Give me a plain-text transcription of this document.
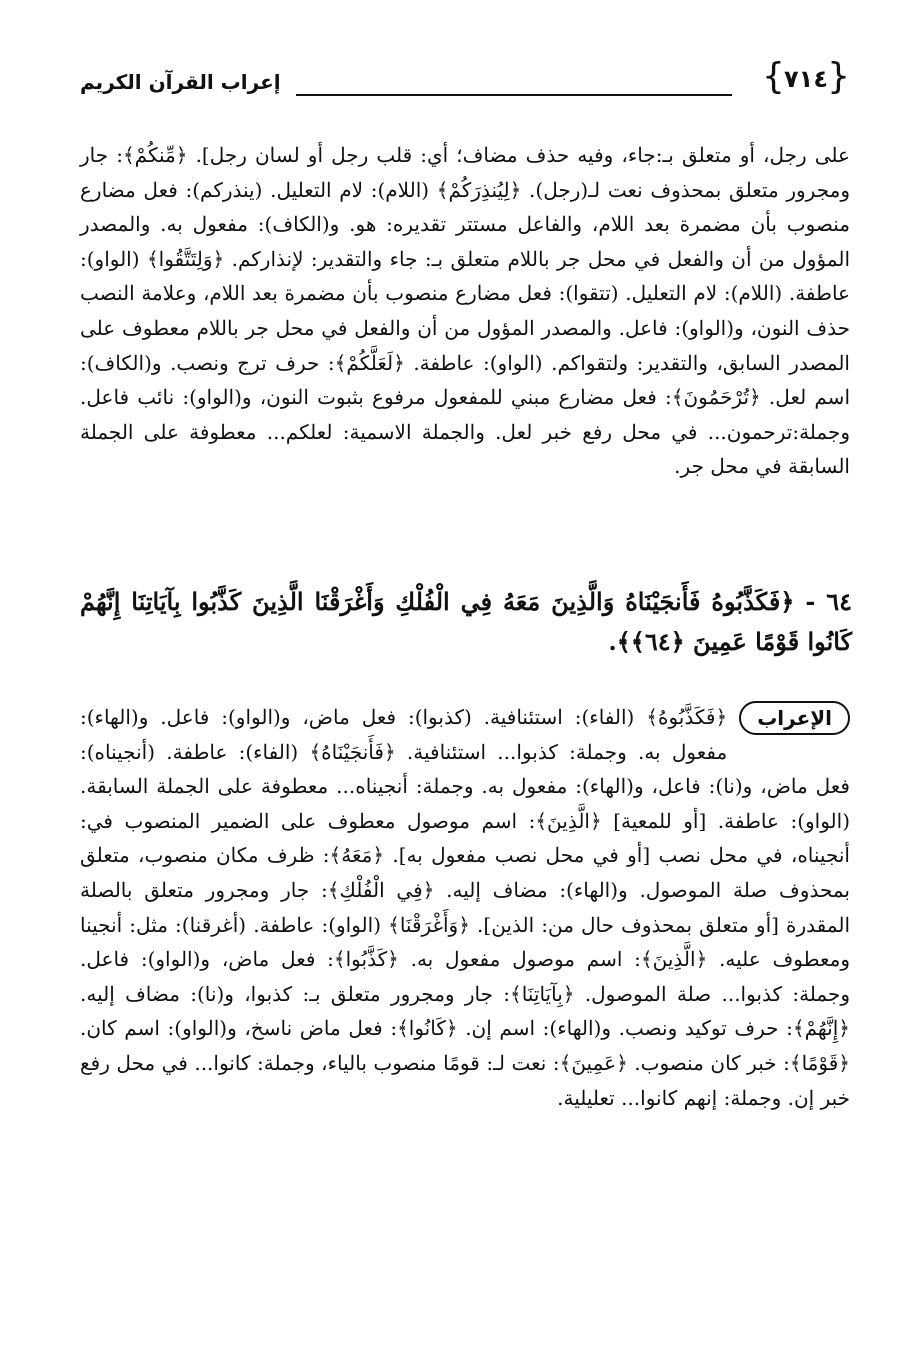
{
٧١٤
}
إعراب القرآن الكريم
على رجل، أو متعلق بـ:جاء، وفيه حذف مضاف؛ أي: قلب رجل أو لسان رجل]. ﴿مِّنكُمْ﴾: جار ومجرور متعلق بمحذوف نعت لـ(رجل). ﴿لِيُنذِرَكُمْ﴾ (اللام): لام التعليل. (ينذركم): فعل مضارع منصوب بأن مضمرة بعد اللام، والفاعل مستتر تقديره: هو. و(الكاف): مفعول به. والمصدر المؤول من أن والفعل في محل جر باللام متعلق بـ: جاء والتقدير: لإنذاركم. ﴿وَلِتَتَّقُوا﴾ (الواو): عاطفة. (اللام): لام التعليل. (تتقوا): فعل مضارع منصوب بأن مضمرة بعد اللام، وعلامة النصب حذف النون، و(الواو): فاعل. والمصدر المؤول من أن والفعل في محل جر باللام معطوف على المصدر السابق، والتقدير: ولتقواكم. (الواو): عاطفة. ﴿لَعَلَّكُمْ﴾: حرف ترج ونصب. و(الكاف): اسم لعل. ﴿تُرْحَمُونَ﴾: فعل مضارع مبني للمفعول مرفوع بثبوت النون، و(الواو): نائب فاعل. وجملة:ترحمون... في محل رفع خبر لعل. والجملة الاسمية: لعلكم... معطوفة على الجملة السابقة في محل جر.
٦٤ - ﴿فَكَذَّبُوهُ فَأَنجَيْنَاهُ وَالَّذِينَ مَعَهُ فِي الْفُلْكِ وَأَغْرَقْنَا الَّذِينَ كَذَّبُوا بِآيَاتِنَا إِنَّهُمْ كَانُوا قَوْمًا عَمِينَ ﴿٦٤﴾﴾.
الإعراب
﴿فَكَذَّبُوهُ﴾ (الفاء): استئنافية. (كذبوا): فعل ماض، و(الواو): فاعل. و(الهاء): مفعول به. وجملة: كذبوا... استئنافية. ﴿فَأَنجَيْنَاهُ﴾ (الفاء): عاطفة. (أنجيناه): فعل ماض، و(نا): فاعل، و(الهاء): مفعول به. وجملة: أنجيناه... معطوفة على الجملة السابقة. (الواو): عاطفة. [أو للمعية] ﴿الَّذِينَ﴾: اسم موصول معطوف على الضمير المنصوب في: أنجيناه، في محل نصب [أو في محل نصب مفعول به]. ﴿مَعَهُ﴾: ظرف مكان منصوب، متعلق بمحذوف صلة الموصول. و(الهاء): مضاف إليه. ﴿فِي الْفُلْكِ﴾: جار ومجرور متعلق بالصلة المقدرة [أو متعلق بمحذوف حال من: الذين]. ﴿وَأَغْرَقْنَا﴾ (الواو): عاطفة. (أغرقنا): مثل: أنجينا ومعطوف عليه. ﴿الَّذِينَ﴾: اسم موصول مفعول به. ﴿كَذَّبُوا﴾: فعل ماض، و(الواو): فاعل. وجملة: كذبوا... صلة الموصول. ﴿بِآيَاتِنَا﴾: جار ومجرور متعلق بـ: كذبوا، و(نا): مضاف إليه. ﴿إِنَّهُمْ﴾: حرف توكيد ونصب. و(الهاء): اسم إن. ﴿كَانُوا﴾: فعل ماض ناسخ، و(الواو): اسم كان. ﴿قَوْمًا﴾: خبر كان منصوب. ﴿عَمِينَ﴾: نعت لـ: قومًا منصوب بالياء، وجملة: كانوا... في محل رفع خبر إن. وجملة: إنهم كانوا... تعليلية.
